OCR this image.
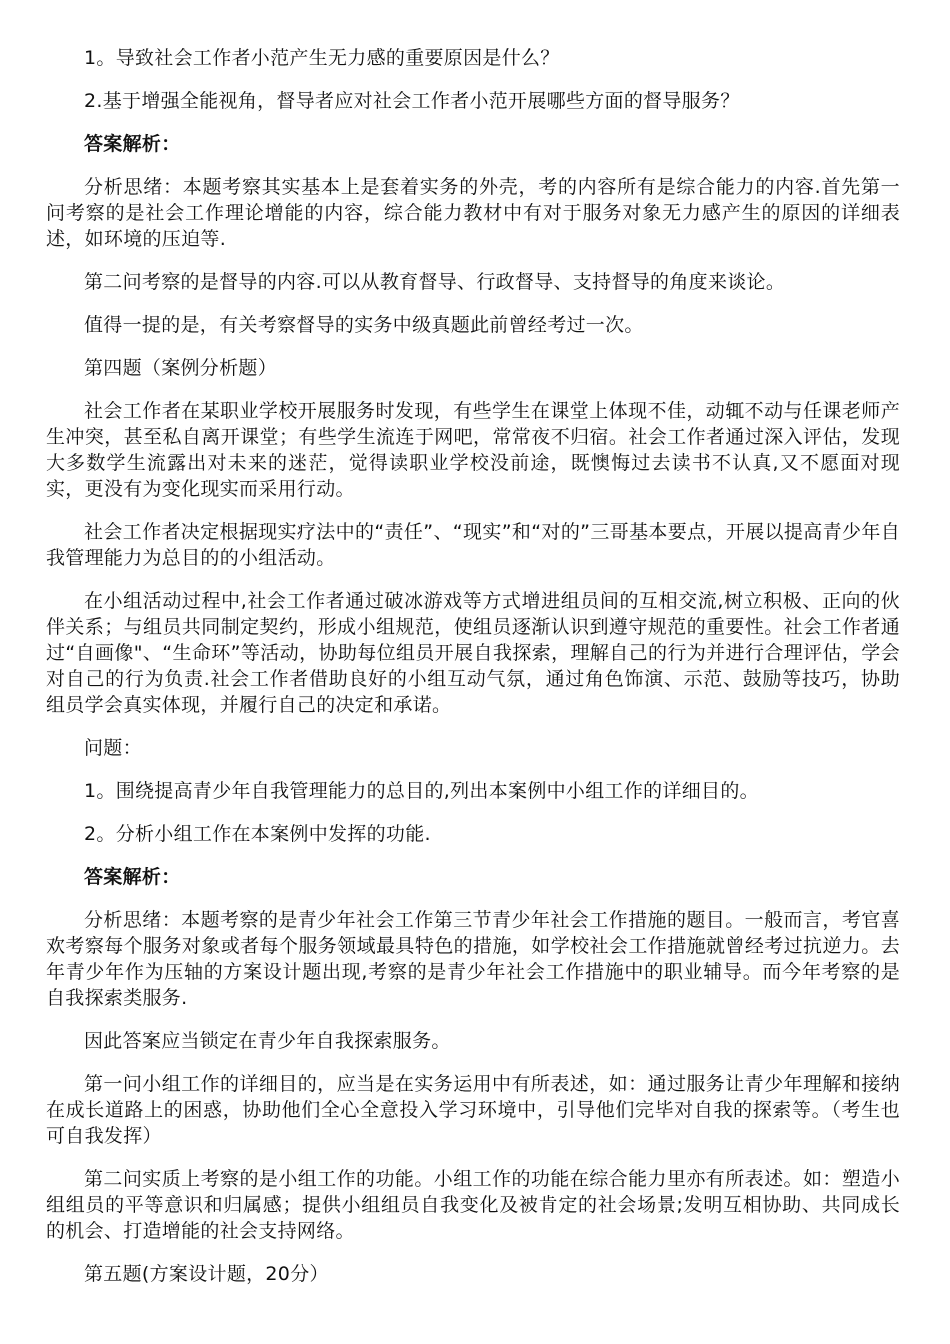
1。导致社会工作者小范产生无力感的重要原因是什么？

2.基于增强全能视角，督导者应对社会工作者小范开展哪些方面的督导服务？

答案解析：

分析思绪：本题考察其实基本上是套着实务的外壳，考的内容所有是综合能力的内容.首先第一问考察的是社会工作理论增能的内容，综合能力教材中有对于服务对象无力感产生的原因的详细表述，如环境的压迫等.

第二问考察的是督导的内容.可以从教育督导、行政督导、支持督导的角度来谈论。

值得一提的是，有关考察督导的实务中级真题此前曾经考过一次。

第四题（案例分析题）

社会工作者在某职业学校开展服务时发现，有些学生在课堂上体现不佳，动辄不动与任课老师产生冲突，甚至私自离开课堂；有些学生流连于网吧，常常夜不归宿。社会工作者通过深入评估，发现大多数学生流露出对未来的迷茫，觉得读职业学校没前途，既懊悔过去读书不认真,又不愿面对现实，更没有为变化现实而采用行动。

社会工作者决定根据现实疗法中的“责任”、“现实”和“对的”三哥基本要点，开展以提高青少年自我管理能力为总目的的小组活动。

在小组活动过程中,社会工作者通过破冰游戏等方式增进组员间的互相交流,树立积极、正向的伙伴关系；与组员共同制定契约，形成小组规范，使组员逐渐认识到遵守规范的重要性。社会工作者通过“自画像"、“生命环”等活动，协助每位组员开展自我探索，理解自己的行为并进行合理评估，学会对自己的行为负责.社会工作者借助良好的小组互动气氛，通过角色饰演、示范、鼓励等技巧，协助组员学会真实体现，并履行自己的决定和承诺。

问题：

1。围绕提高青少年自我管理能力的总目的,列出本案例中小组工作的详细目的。

2。分析小组工作在本案例中发挥的功能.

答案解析：

分析思绪：本题考察的是青少年社会工作第三节青少年社会工作措施的题目。一般而言，考官喜欢考察每个服务对象或者每个服务领域最具特色的措施，如学校社会工作措施就曾经考过抗逆力。去年青少年作为压轴的方案设计题出现,考察的是青少年社会工作措施中的职业辅导。而今年考察的是自我探索类服务.

因此答案应当锁定在青少年自我探索服务。

第一问小组工作的详细目的，应当是在实务运用中有所表述，如：通过服务让青少年理解和接纳在成长道路上的困惑，协助他们全心全意投入学习环境中，引导他们完毕对自我的探索等。（考生也可自我发挥）

第二问实质上考察的是小组工作的功能。小组工作的功能在综合能力里亦有所表述。如：塑造小组组员的平等意识和归属感；提供小组组员自我变化及被肯定的社会场景;发明互相协助、共同成长的机会、打造增能的社会支持网络。

第五题(方案设计题，20分）
